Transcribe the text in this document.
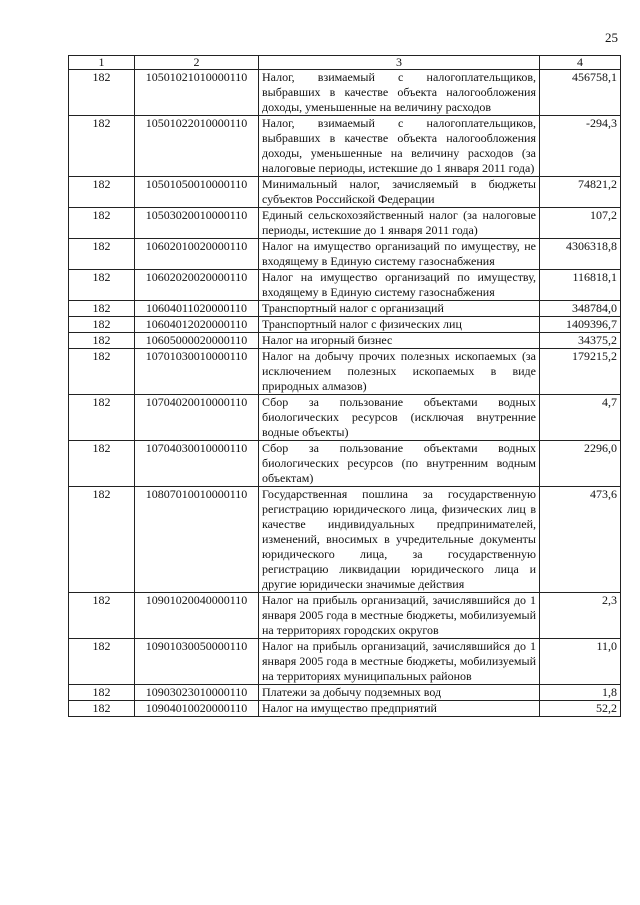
25
1	2	3	4
182	10501021010000110	Налог, взимаемый с налогоплательщиков, выбравших в качестве объекта налогообложения доходы, уменьшенные на величину расходов	456758,1
182	10501022010000110	Налог, взимаемый с налогоплательщиков, выбравших в качестве объекта налогообложения доходы, уменьшенные на величину расходов (за налоговые периоды, истекшие до 1 января 2011 года)	-294,3
182	10501050010000110	Минимальный налог, зачисляемый в бюджеты субъектов Российской Федерации	74821,2
182	10503020010000110	Единый сельскохозяйственный налог (за налоговые периоды, истекшие до 1 января 2011 года)	107,2
182	10602010020000110	Налог на имущество организаций по имуществу, не входящему в Единую систему газоснабжения	4306318,8
182	10602020020000110	Налог на имущество организаций по имуществу, входящему в Единую систему газоснабжения	116818,1
182	10604011020000110	Транспортный налог с организаций	348784,0
182	10604012020000110	Транспортный налог с физических лиц	1409396,7
182	10605000020000110	Налог на игорный бизнес	34375,2
182	10701030010000110	Налог на добычу прочих полезных ископаемых (за исключением полезных ископаемых в виде природных алмазов)	179215,2
182	10704020010000110	Сбор за пользование объектами водных биологических ресурсов (исключая внутренние водные объекты)	4,7
182	10704030010000110	Сбор за пользование объектами водных биологических ресурсов (по внутренним водным объектам)	2296,0
182	10807010010000110	Государственная пошлина за государственную регистрацию юридического лица, физических лиц в качестве индивидуальных предпринимателей, изменений, вносимых в учредительные документы юридического лица, за государственную регистрацию ликвидации юридического лица и другие юридически значимые действия	473,6
182	10901020040000110	Налог на прибыль организаций, зачислявшийся до 1 января 2005 года в местные бюджеты, мобилизуемый на территориях городских округов	2,3
182	10901030050000110	Налог на прибыль организаций, зачислявшийся до 1 января 2005 года в местные бюджеты, мобилизуемый на территориях муниципальных районов	11,0
182	10903023010000110	Платежи за добычу подземных вод	1,8
182	10904010020000110	Налог на имущество предприятий	52,2
